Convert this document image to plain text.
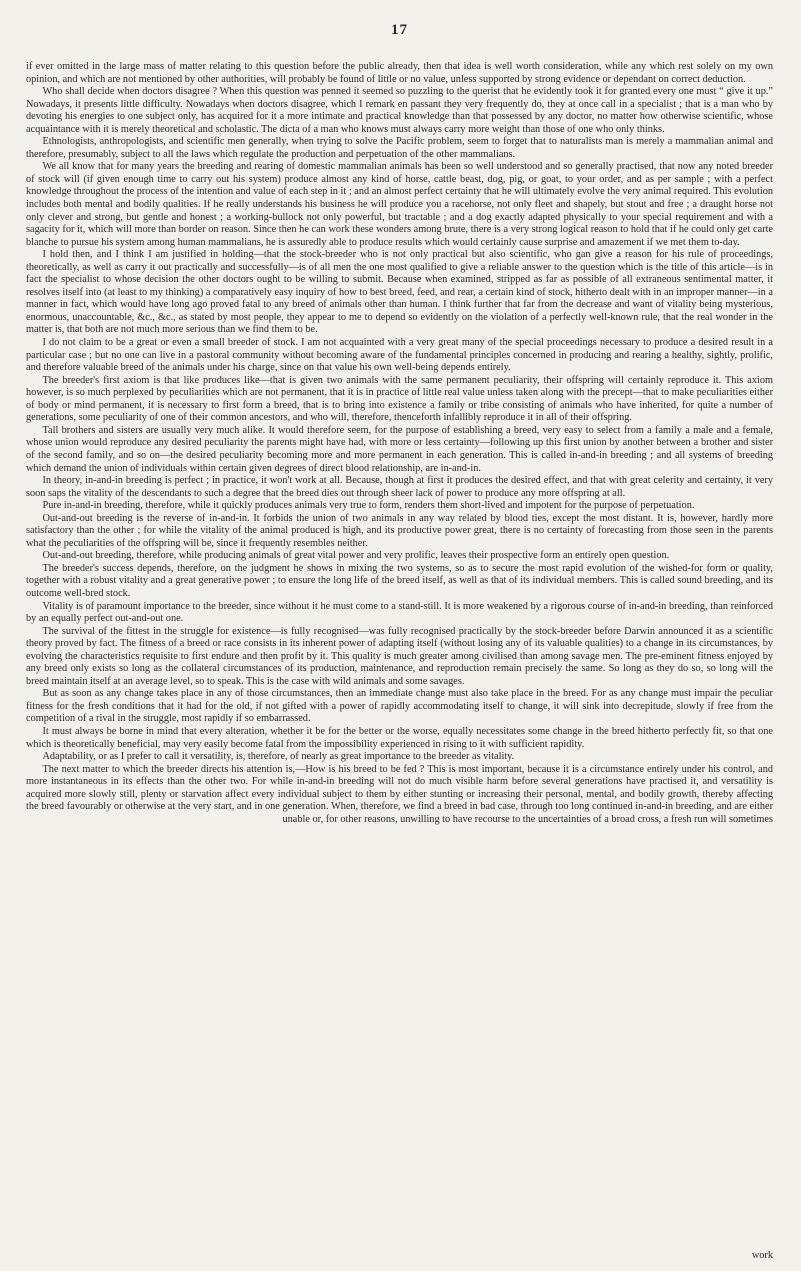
17

if ever omitted in the large mass of matter relating to this question before the public already, then that idea is well worth consideration, while any which rest solely on my own opinion, and which are not mentioned by other authorities, will probably be found of little or no value, unless supported by strong evidence or dependant on correct deduction.

Who shall decide when doctors disagree ? When this question was penned it seemed so puzzling to the querist that he evidently took it for granted every one must “ give it up.” Nowadays, it presents little difficulty. Nowadays when doctors disagree, which I remark en passant they very frequently do, they at once call in a specialist ; that is a man who by devoting his energies to one subject only, has acquired for it a more intimate and practical knowledge than that possessed by any doctor, no matter how otherwise scientific, whose acquaintance with it is merely theoretical and scholastic. The dicta of a man who knows must always carry more weight than those of one who only thinks.

Ethnologists, anthropologists, and scientific men generally, when trying to solve the Pacific problem, seem to forget that to naturalists man is merely a mammalian animal and therefore, presumably, subject to all the laws which regulate the production and perpetuation of the other mammalians.

We all know that for many years the breeding and rearing of domestic mammalian animals has been so well understood and so generally practised, that now any noted breeder of stock will (if given enough time to carry out his system) produce almost any kind of horse, cattle beast, dog, pig, or goat, to your order, and as per sample ; with a perfect knowledge throughout the process of the intention and value of each step in it ; and an almost perfect certainty that he will ultimately evolve the very animal required. This evolution includes both mental and bodily qualities. If he really understands his business he will produce you a racehorse, not only fleet and shapely, but stout and free ; a draught horse not only clever and strong, but gentle and honest ; a working-bullock not only powerful, but tractable ; and a dog exactly adapted physically to your special requirement and with a sagacity for it, which will more than border on reason. Since then he can work these wonders among brute, there is a very strong logical reason to hold that if he could only get carte blanche to pursue his system among human mammalians, he is assuredly able to produce results which would certainly cause surprise and amazement if we met them to-day.

I hold then, and I think I am justified in holding—that the stock-breeder who is not only practical but also scientific, who gan give a reason for his rule of proceedings, theoretically, as well as carry it out practically and successfully—is of all men the one most qualified to give a reliable answer to the question which is the title of this article—is in fact the specialist to whose decision the other doctors ought to be willing to submit. Because when examined, stripped as far as possible of all extraneous sentimental matter, it resolves itself into (at least to my thinking) a comparatively easy inquiry of how to best breed, feed, and rear, a certain kind of stock, hitherto dealt with in an improper manner—in a manner in fact, which would have long ago proved fatal to any breed of animals other than human. I think further that far from the decrease and want of vitality being mysterious, enormous, unaccountable, &c., &c., as stated by most people, they appear to me to depend so evidently on the violation of a perfectly well-known rule, that the real wonder in the matter is, that both are not much more serious than we find them to be.

I do not claim to be a great or even a small breeder of stock. I am not acquainted with a very great many of the special proceedings necessary to produce a desired result in a particular case ; but no one can live in a pastoral community without becoming aware of the fundamental principles concerned in producing and rearing a healthy, sightly, prolific, and therefore valuable breed of the animals under his charge, since on that value his own well-being depends entirely.

The breeder's first axiom is that like produces like—that is given two animals with the same permanent peculiarity, their offspring will certainly reproduce it. This axiom however, is so much perplexed by peculiarities which are not permanent, that it is in practice of little real value unless taken along with the precept—that to make peculiarities either of body or mind permanent, it is necessary to first form a breed, that is to bring into existence a family or tribe consisting of animals who have inherited, for quite a number of generations, some peculiarity of one of their common ancestors, and who will, therefore, thenceforth infallibly reproduce it in all of their offspring.

Tall brothers and sisters are usually very much alike. It would therefore seem, for the purpose of establishing a breed, very easy to select from a family a male and a female, whose union would reproduce any desired peculiarity the parents might have had, with more or less certainty—following up this first union by another between a brother and sister of the second family, and so on—the desired peculiarity becoming more and more permanent in each generation. This is called in-and-in breeding ; and all systems of breeding which demand the union of individuals within certain given degrees of direct blood relationship, are in-and-in.

In theory, in-and-in breeding is perfect ; in practice, it won't work at all. Because, though at first it produces the desired effect, and that with great celerity and certainty, it very soon saps the vitality of the descendants to such a degree that the breed dies out through sheer lack of power to produce any more offspring at all.

Pure in-and-in breeding, therefore, while it quickly produces animals very true to form, renders them short-lived and impotent for the purpose of perpetuation.

Out-and-out breeding is the reverse of in-and-in. It forbids the union of two animals in any way related by blood ties, except the most distant. It is, however, hardly more satisfactory than the other ; for while the vitality of the animal produced is high, and its productive power great, there is no certainty of forecasting from those seen in the parents what the peculiarities of the offspring will be, since it frequently resembles neither.

Out-and-out breeding, therefore, while producing animals of great vital power and very prolific, leaves their prospective form an entirely open question.

The breeder's success depends, therefore, on the judgment he shows in mixing the two systems, so as to secure the most rapid evolution of the wished-for form or quality, together with a robust vitality and a great generative power ; to ensure the long life of the breed itself, as well as that of its individual members. This is called sound breeding, and its outcome well-bred stock.

Vitality is of paramount importance to the breeder, since without it he must come to a stand-still. It is more weakened by a rigorous course of in-and-in breeding, than reinforced by an equally perfect out-and-out one.

The survival of the fittest in the struggle for existence—is fully recognised—was fully recognised practically by the stock-breeder before Darwin announced it as a scientific theory proved by fact. The fitness of a breed or race consists in its inherent power of adapting itself (without losing any of its valuable qualities) to a change in its circumstances, by evolving the characteristics requisite to first endure and then profit by it. This quality is much greater among civilised than among savage men. The pre-eminent fitness enjoyed by any breed only exists so long as the collateral circumstances of its production, maintenance, and reproduction remain precisely the same. So long as they do so, so long will the breed maintain itself at an average level, so to speak. This is the case with wild animals and some savages.

But as soon as any change takes place in any of those circumstances, then an immediate change must also take place in the breed. For as any change must impair the peculiar fitness for the fresh conditions that it had for the old, if not gifted with a power of rapidly accommodating itself to change, it will sink into decrepitude, slowly if free from the competition of a rival in the struggle, most rapidly if so embarrassed.

It must always be borne in mind that every alteration, whether it be for the better or the worse, equally necessitates some change in the breed hitherto perfectly fit, so that one which is theoretically beneficial, may very easily become fatal from the impossibility experienced in rising to it with sufficient rapidity.

Adaptability, or as I prefer to call it versatility, is, therefore, of nearly as great importance to the breeder as vitality.

The next matter to which the breeder directs his attention is,—How is his breed to be fed ? This is most important, because it is a circumstance entirely under his control, and more instantaneous in its effects than the other two. For while in-and-in breeding will not do much visible harm before several generations have practised it, and versatility is acquired more slowly still, plenty or starvation affect every individual subject to them by either stunting or increasing their personal, mental, and bodily growth, thereby affecting the breed favourably or otherwise at the very start, and in one generation. When, therefore, we find a breed in bad case, through too long continued in-and-in breeding, and are either unable or, for other reasons, unwilling to have recourse to the uncertainties of a broad cross, a fresh run will sometimes

work
